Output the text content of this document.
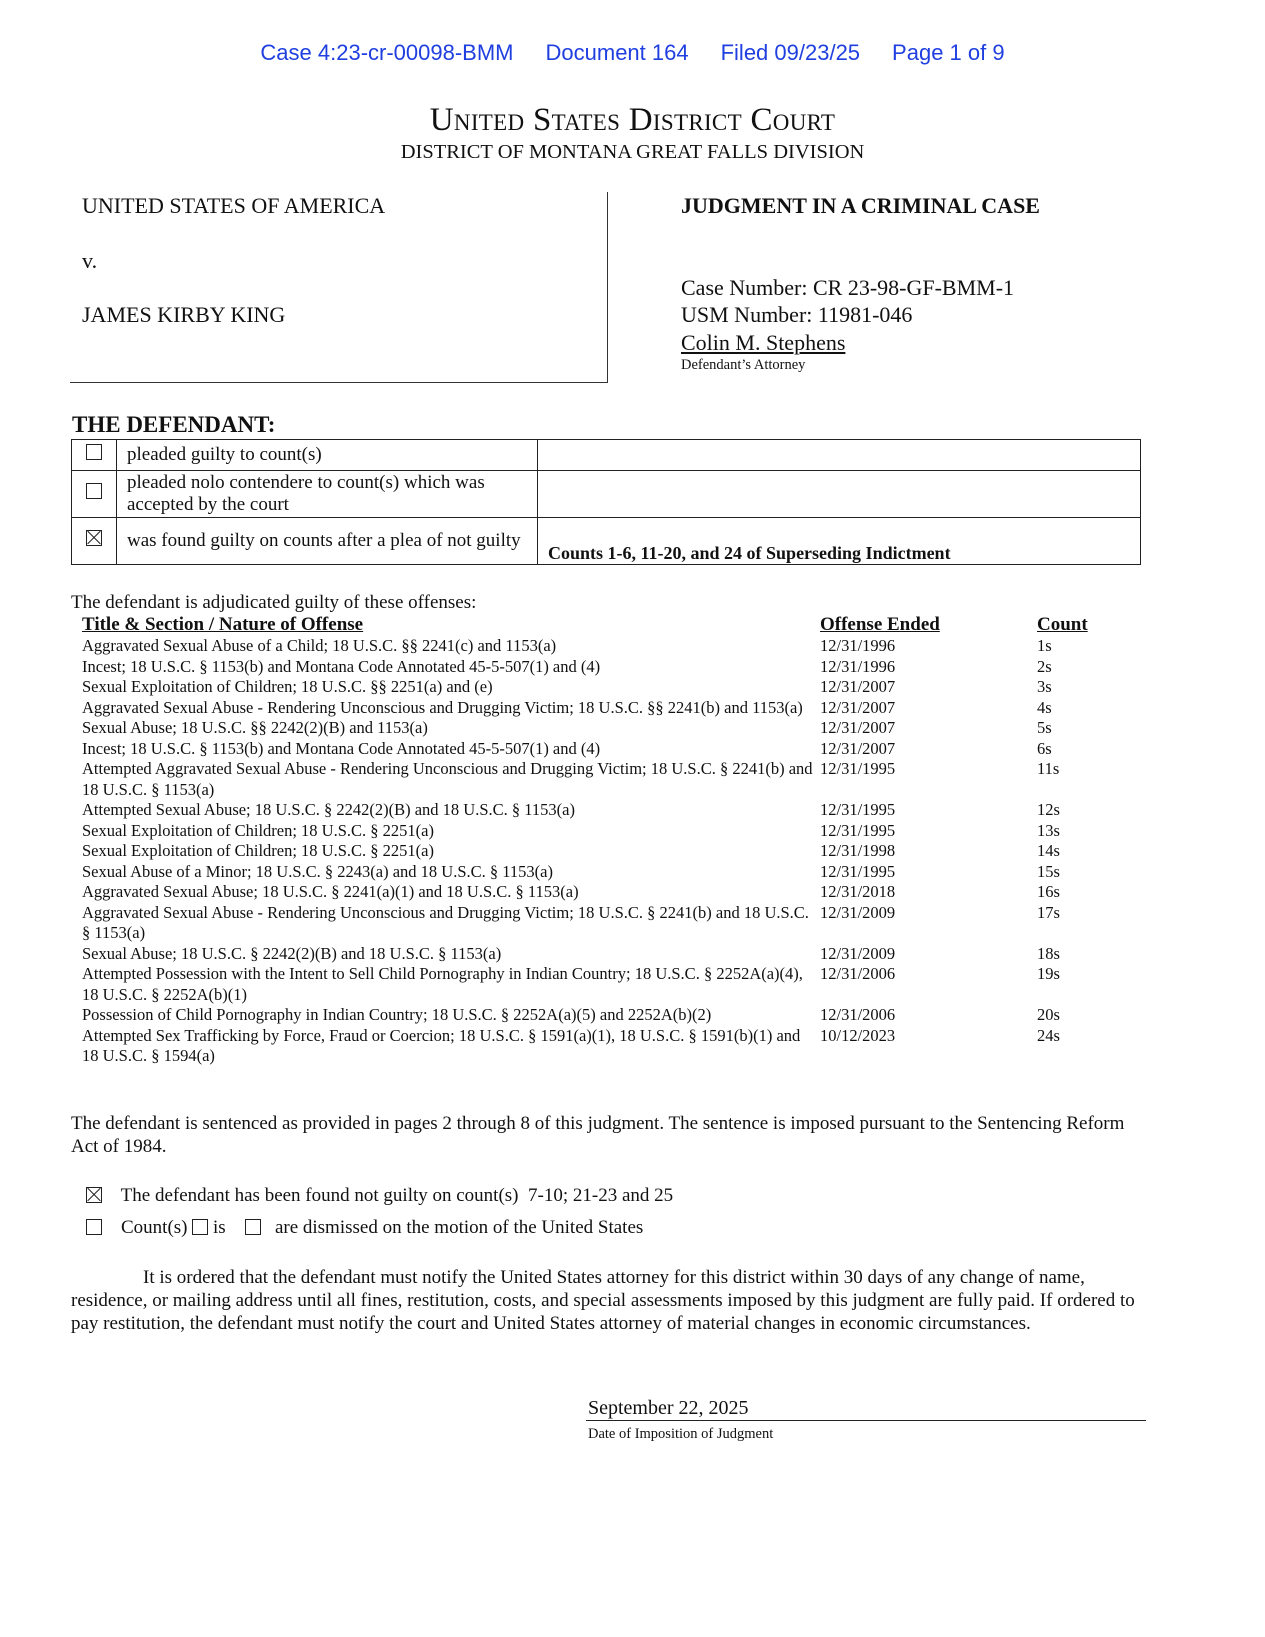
Case 4:23-cr-00098-BMM Document 164 Filed 09/23/25 Page 1 of 9
United States District Court
DISTRICT OF MONTANA GREAT FALLS DIVISION
UNITED STATES OF AMERICA
v.
JAMES KIRBY KING
JUDGMENT IN A CRIMINAL CASE
Case Number: CR 23-98-GF-BMM-1
USM Number: 11981-046
Colin M. Stephens
Defendant’s Attorney
THE DEFENDANT:
	pleaded guilty to count(s)	
	pleaded nolo contendere to count(s) which was accepted by the court	
	was found guilty on counts after a plea of not guilty	Counts 1-6, 11-20, and 24 of Superseding Indictment
The defendant is adjudicated guilty of these offenses:
Title & Section / Nature of Offense	Offense Ended	Count
Aggravated Sexual Abuse of a Child; 18 U.S.C. §§ 2241(c) and 1153(a)	12/31/1996	1s
Incest; 18 U.S.C. § 1153(b) and Montana Code Annotated 45-5-507(1) and (4)	12/31/1996	2s
Sexual Exploitation of Children; 18 U.S.C. §§ 2251(a) and (e)	12/31/2007	3s
Aggravated Sexual Abuse - Rendering Unconscious and Drugging Victim; 18 U.S.C. §§ 2241(b) and 1153(a)	12/31/2007	4s
Sexual Abuse; 18 U.S.C. §§ 2242(2)(B) and 1153(a)	12/31/2007	5s
Incest; 18 U.S.C. § 1153(b) and Montana Code Annotated 45-5-507(1) and (4)	12/31/2007	6s
Attempted Aggravated Sexual Abuse - Rendering Unconscious and Drugging Victim; 18 U.S.C. § 2241(b) and 18 U.S.C. § 1153(a)
12/31/1995	11s
Attempted Sexual Abuse; 18 U.S.C. § 2242(2)(B) and 18 U.S.C. § 1153(a)	12/31/1995	12s
Sexual Exploitation of Children; 18 U.S.C. § 2251(a)	12/31/1995	13s
Sexual Exploitation of Children; 18 U.S.C. § 2251(a)	12/31/1998	14s
Sexual Abuse of a Minor; 18 U.S.C. § 2243(a) and 18 U.S.C. § 1153(a)	12/31/1995	15s
Aggravated Sexual Abuse; 18 U.S.C. § 2241(a)(1) and 18 U.S.C. § 1153(a)	12/31/2018	16s
Aggravated Sexual Abuse - Rendering Unconscious and Drugging Victim; 18 U.S.C. § 2241(b) and 18 U.S.C. § 1153(a)
12/31/2009	17s
Sexual Abuse; 18 U.S.C. § 2242(2)(B) and 18 U.S.C. § 1153(a)	12/31/2009	18s
Attempted Possession with the Intent to Sell Child Pornography in Indian Country; 18 U.S.C. § 2252A(a)(4), 18 U.S.C. § 2252A(b)(1)
12/31/2006	19s
Possession of Child Pornography in Indian Country; 18 U.S.C. § 2252A(a)(5) and 2252A(b)(2)	12/31/2006	20s
Attempted Sex Trafficking by Force, Fraud or Coercion; 18 U.S.C. § 1591(a)(1), 18 U.S.C. § 1591(b)(1) and 18 U.S.C. § 1594(a)
10/12/2023	24s
The defendant is sentenced as provided in pages 2 through 8 of this judgment. The sentence is imposed pursuant to the Sentencing Reform Act of 1984.
The defendant has been found not guilty on count(s) 7-10; 21-23 and 25
Count(s) is	are dismissed on the motion of the United States
It is ordered that the defendant must notify the United States attorney for this district within 30 days of any change of name, residence, or mailing address until all fines, restitution, costs, and special assessments imposed by this judgment are fully paid. If ordered to pay restitution, the defendant must notify the court and United States attorney of material changes in economic circumstances.
September 22, 2025
Date of Imposition of Judgment
